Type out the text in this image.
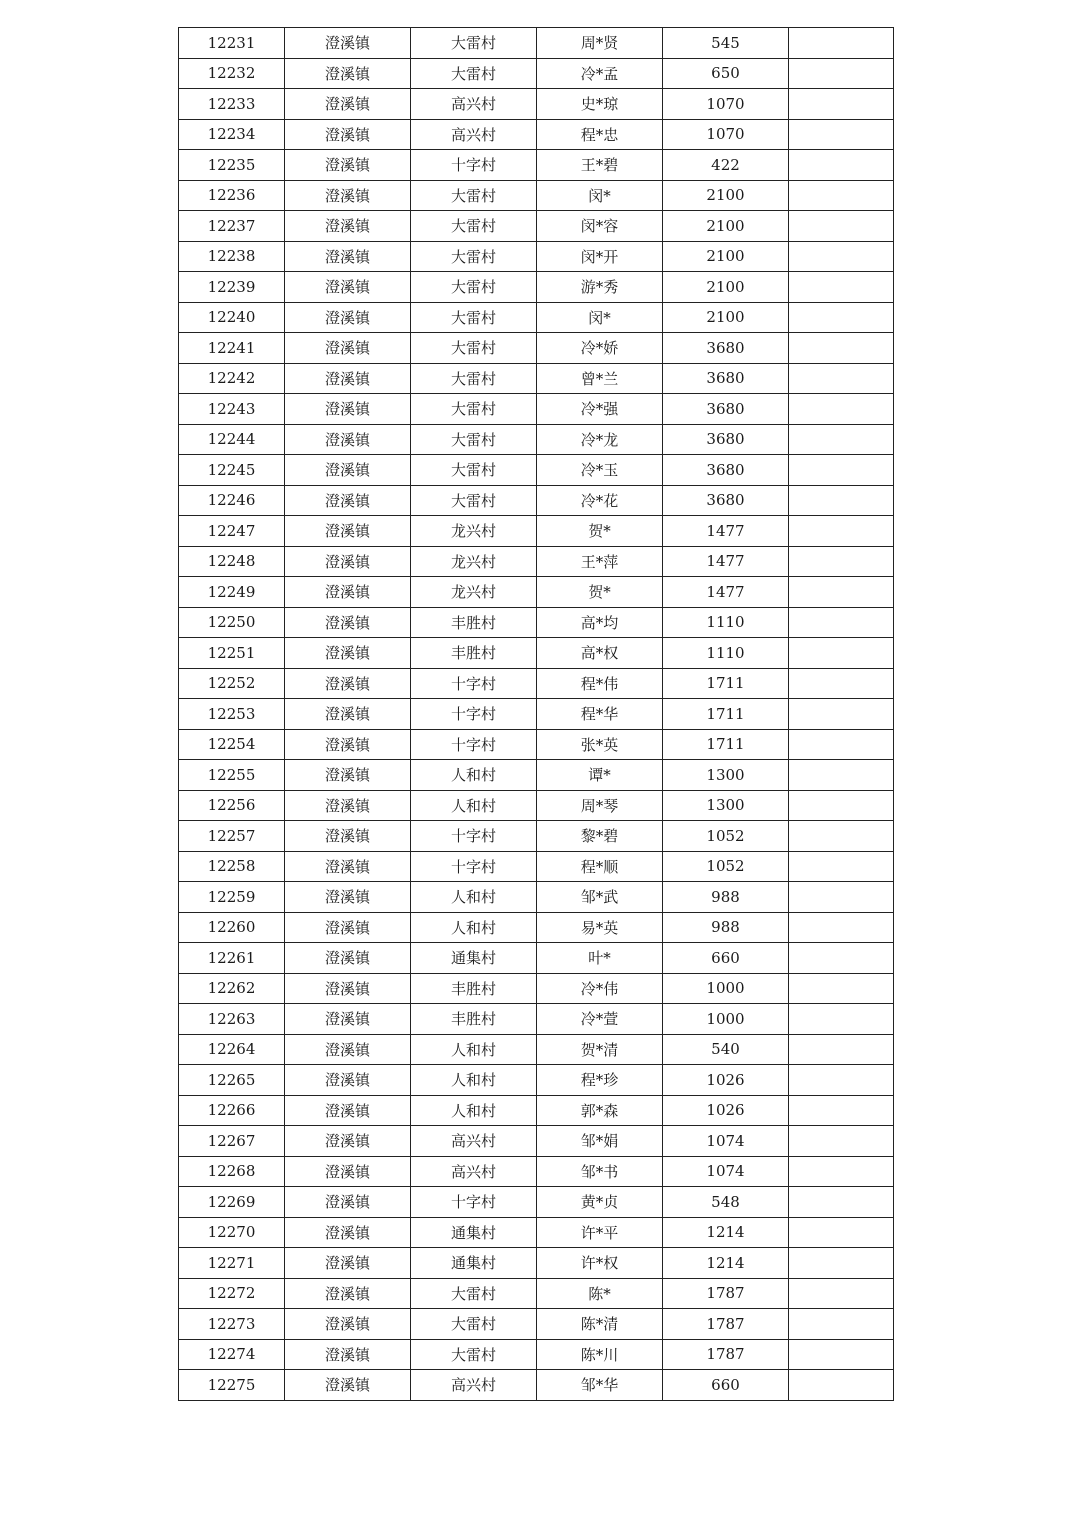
12231	澄溪镇	大雷村	周*贤	545	
12232	澄溪镇	大雷村	冷*孟	650	
12233	澄溪镇	高兴村	史*琼	1070	
12234	澄溪镇	高兴村	程*忠	1070	
12235	澄溪镇	十字村	王*碧	422	
12236	澄溪镇	大雷村	闵*	2100	
12237	澄溪镇	大雷村	闵*容	2100	
12238	澄溪镇	大雷村	闵*开	2100	
12239	澄溪镇	大雷村	游*秀	2100	
12240	澄溪镇	大雷村	闵*	2100	
12241	澄溪镇	大雷村	冷*娇	3680	
12242	澄溪镇	大雷村	曾*兰	3680	
12243	澄溪镇	大雷村	冷*强	3680	
12244	澄溪镇	大雷村	冷*龙	3680	
12245	澄溪镇	大雷村	冷*玉	3680	
12246	澄溪镇	大雷村	冷*花	3680	
12247	澄溪镇	龙兴村	贺*	1477	
12248	澄溪镇	龙兴村	王*萍	1477	
12249	澄溪镇	龙兴村	贺*	1477	
12250	澄溪镇	丰胜村	高*均	1110	
12251	澄溪镇	丰胜村	高*权	1110	
12252	澄溪镇	十字村	程*伟	1711	
12253	澄溪镇	十字村	程*华	1711	
12254	澄溪镇	十字村	张*英	1711	
12255	澄溪镇	人和村	谭*	1300	
12256	澄溪镇	人和村	周*琴	1300	
12257	澄溪镇	十字村	黎*碧	1052	
12258	澄溪镇	十字村	程*顺	1052	
12259	澄溪镇	人和村	邹*武	988	
12260	澄溪镇	人和村	易*英	988	
12261	澄溪镇	通集村	叶*	660	
12262	澄溪镇	丰胜村	冷*伟	1000	
12263	澄溪镇	丰胜村	冷*萱	1000	
12264	澄溪镇	人和村	贺*清	540	
12265	澄溪镇	人和村	程*珍	1026	
12266	澄溪镇	人和村	郭*森	1026	
12267	澄溪镇	高兴村	邹*娟	1074	
12268	澄溪镇	高兴村	邹*书	1074	
12269	澄溪镇	十字村	黄*贞	548	
12270	澄溪镇	通集村	许*平	1214	
12271	澄溪镇	通集村	许*权	1214	
12272	澄溪镇	大雷村	陈*	1787	
12273	澄溪镇	大雷村	陈*清	1787	
12274	澄溪镇	大雷村	陈*川	1787	
12275	澄溪镇	高兴村	邹*华	660	
